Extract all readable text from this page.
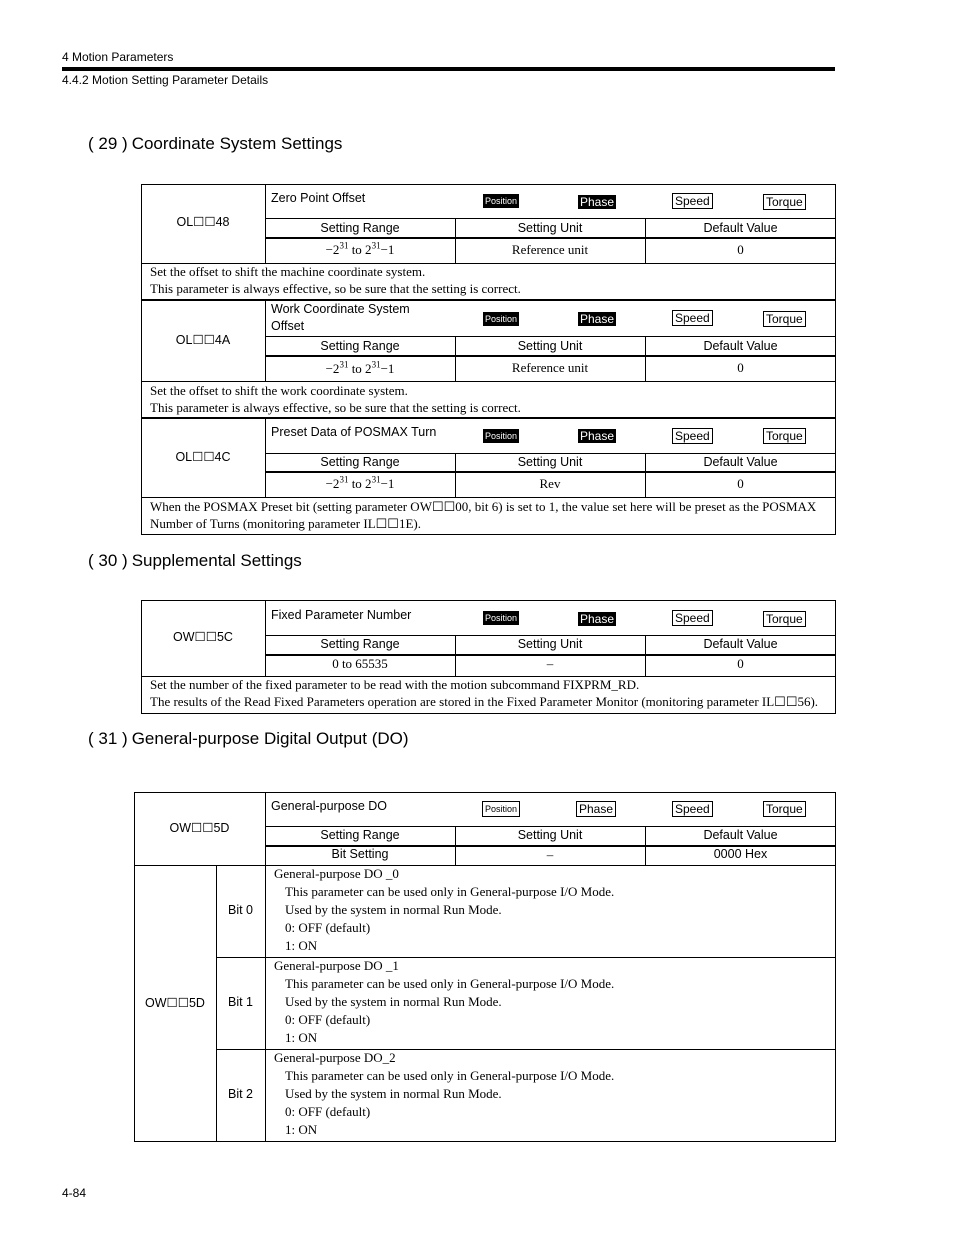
4 Motion Parameters
4.4.2 Motion Setting Parameter Details
( 29 ) Coordinate System Settings
OL☐☐48
Zero Point Offset	Position	Phase	Speed	Torque
Setting Range	Setting Unit	Default Value
$-2^{31}$ to $2^{31}-1$	Reference unit	0
Set the offset to shift the machine coordinate system.
This parameter is always effective, so be sure that the setting is correct.
OL☐☐4A
Work Coordinate System
Offset	Position	Phase	Speed	Torque
Setting Range	Setting Unit	Default Value
$-2^{31}$ to $2^{31}-1$	Reference unit	0
Set the offset to shift the work coordinate system.
This parameter is always effective, so be sure that the setting is correct.
OL☐☐4C
Preset Data of POSMAX Turn	Position	Phase	Speed	Torque
Setting Range	Setting Unit	Default Value
$-2^{31}$ to $2^{31}-1$	Rev	0
When the POSMAX Preset bit (setting parameter OW☐☐00, bit 6) is set to 1, the value set here will be preset as the POSMAX
Number of Turns (monitoring parameter IL☐☐1E).
( 30 ) Supplemental Settings
OW☐☐5C
Fixed Parameter Number	Position	Phase	Speed	Torque
Setting Range	Setting Unit	Default Value
0 to 65535	–	0
Set the number of the fixed parameter to be read with the motion subcommand FIXPRM_RD.
The results of the Read Fixed Parameters operation are stored in the Fixed Parameter Monitor (monitoring parameter IL☐☐56).
( 31 ) General-purpose Digital Output (DO)
OW☐☐5D
General-purpose DO	Position	Phase	Speed	Torque
Setting Range	Setting Unit	Default Value
Bit Setting	–	0000 Hex
OW☐☐5D
Bit 0
General-purpose DO _0
This parameter can be used only in General-purpose I/O Mode.
Used by the system in normal Run Mode.
0: OFF (default)
1: ON
Bit 1
General-purpose DO _1
This parameter can be used only in General-purpose I/O Mode.
Used by the system in normal Run Mode.
0: OFF (default)
1: ON
Bit 2
General-purpose DO_2
This parameter can be used only in General-purpose I/O Mode.
Used by the system in normal Run Mode.
0: OFF (default)
1: ON
4-84
